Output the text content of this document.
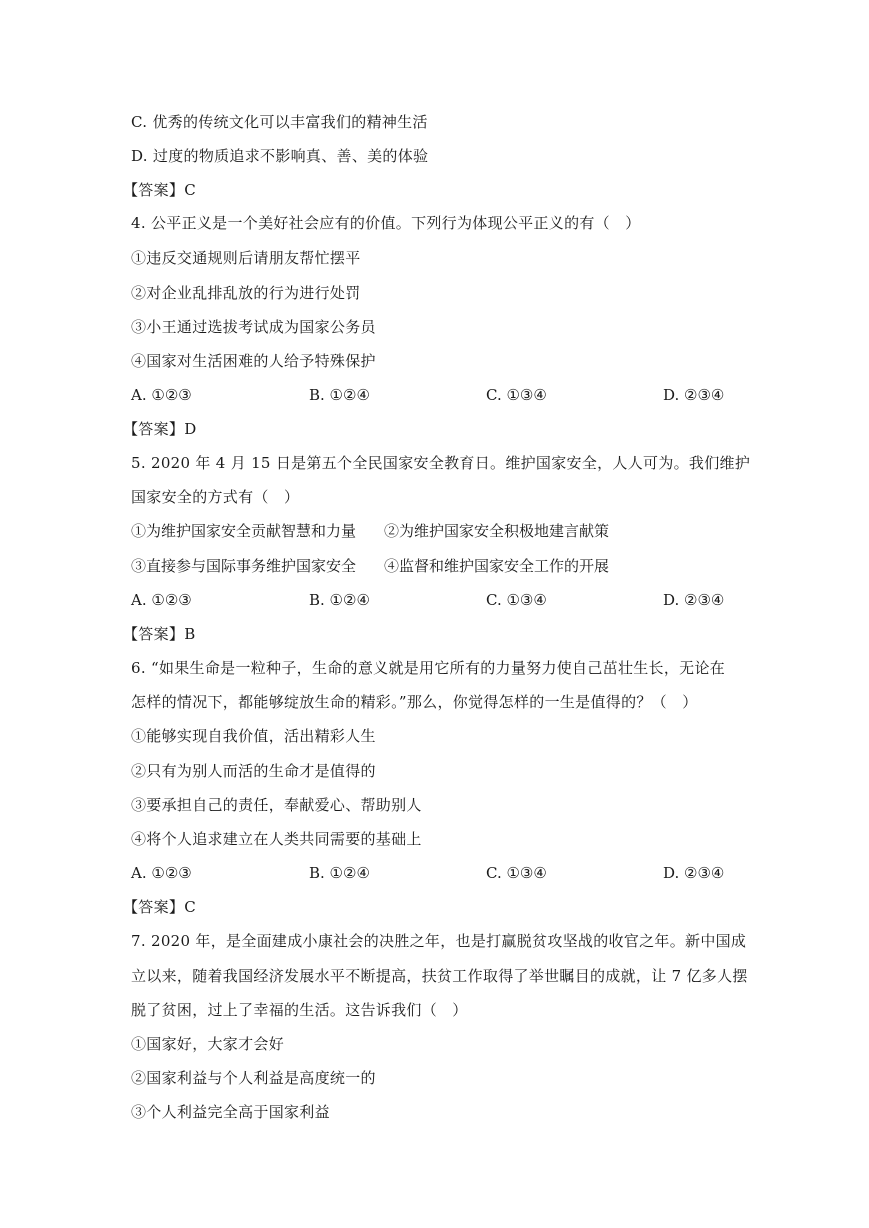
C. 优秀的传统文化可以丰富我们的精神生活
D. 过度的物质追求不影响真、善、美的体验
【答案】C
4. 公平正义是一个美好社会应有的价值。下列行为体现公平正义的有（　）
①违反交通规则后请朋友帮忙摆平
②对企业乱排乱放的行为进行处罚
③小王通过选拔考试成为国家公务员
④国家对生活困难的人给予特殊保护
A. ①②③	B. ①②④	C. ①③④	D. ②③④
【答案】D
5. 2020 年 4 月 15 日是第五个全民国家安全教育日。维护国家安全，人人可为。我们维护
国家安全的方式有（　）
①为维护国家安全贡献智慧和力量 ②为维护国家安全积极地建言献策
③直接参与国际事务维护国家安全 ④监督和维护国家安全工作的开展
A. ①②③	B. ①②④	C. ①③④	D. ②③④
【答案】B
6. “如果生命是一粒种子，生命的意义就是用它所有的力量努力使自己茁壮生长，无论在
怎样的情况下，都能够绽放生命的精彩。”那么，你觉得怎样的一生是值得的？（　）
①能够实现自我价值，活出精彩人生
②只有为别人而活的生命才是值得的
③要承担自己的责任，奉献爱心、帮助别人
④将个人追求建立在人类共同需要的基础上
A. ①②③	B. ①②④	C. ①③④	D. ②③④
【答案】C
7. 2020 年，是全面建成小康社会的决胜之年，也是打赢脱贫攻坚战的收官之年。新中国成
立以来，随着我国经济发展水平不断提高，扶贫工作取得了举世瞩目的成就，让 7 亿多人摆
脱了贫困，过上了幸福的生活。这告诉我们（　）
①国家好，大家才会好
②国家利益与个人利益是高度统一的
③个人利益完全高于国家利益
